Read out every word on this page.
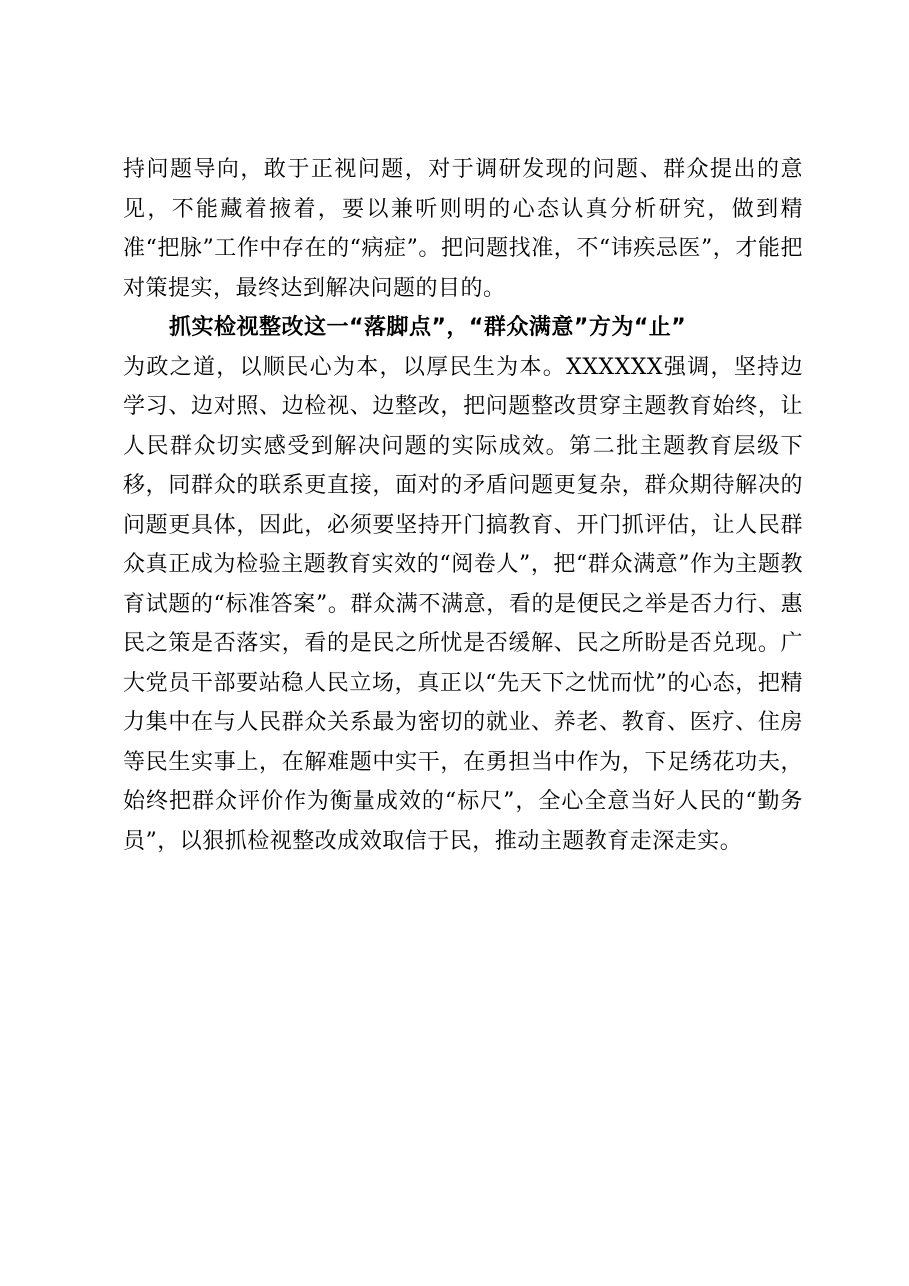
持问题导向，敢于正视问题，对于调研发现的问题、群众提出的意见，不能藏着掖着，要以兼听则明的心态认真分析研究，做到精准“把脉”工作中存在的“病症”。把问题找准，不“讳疾忌医”，才能把对策提实，最终达到解决问题的目的。

抓实检视整改这一“落脚点”，“群众满意”方为“止”

为政之道，以顺民心为本，以厚民生为本。XXXXXX强调，坚持边学习、边对照、边检视、边整改，把问题整改贯穿主题教育始终，让人民群众切实感受到解决问题的实际成效。第二批主题教育层级下移，同群众的联系更直接，面对的矛盾问题更复杂，群众期待解决的问题更具体，因此，必须要坚持开门搞教育、开门抓评估，让人民群众真正成为检验主题教育实效的“阅卷人”，把“群众满意”作为主题教育试题的“标准答案”。群众满不满意，看的是便民之举是否力行、惠民之策是否落实，看的是民之所忧是否缓解、民之所盼是否兑现。广大党员干部要站稳人民立场，真正以“先天下之忧而忧”的心态，把精力集中在与人民群众关系最为密切的就业、养老、教育、医疗、住房等民生实事上，在解难题中实干，在勇担当中作为，下足绣花功夫，始终把群众评价作为衡量成效的“标尺”，全心全意当好人民的“勤务员”，以狠抓检视整改成效取信于民，推动主题教育走深走实。
